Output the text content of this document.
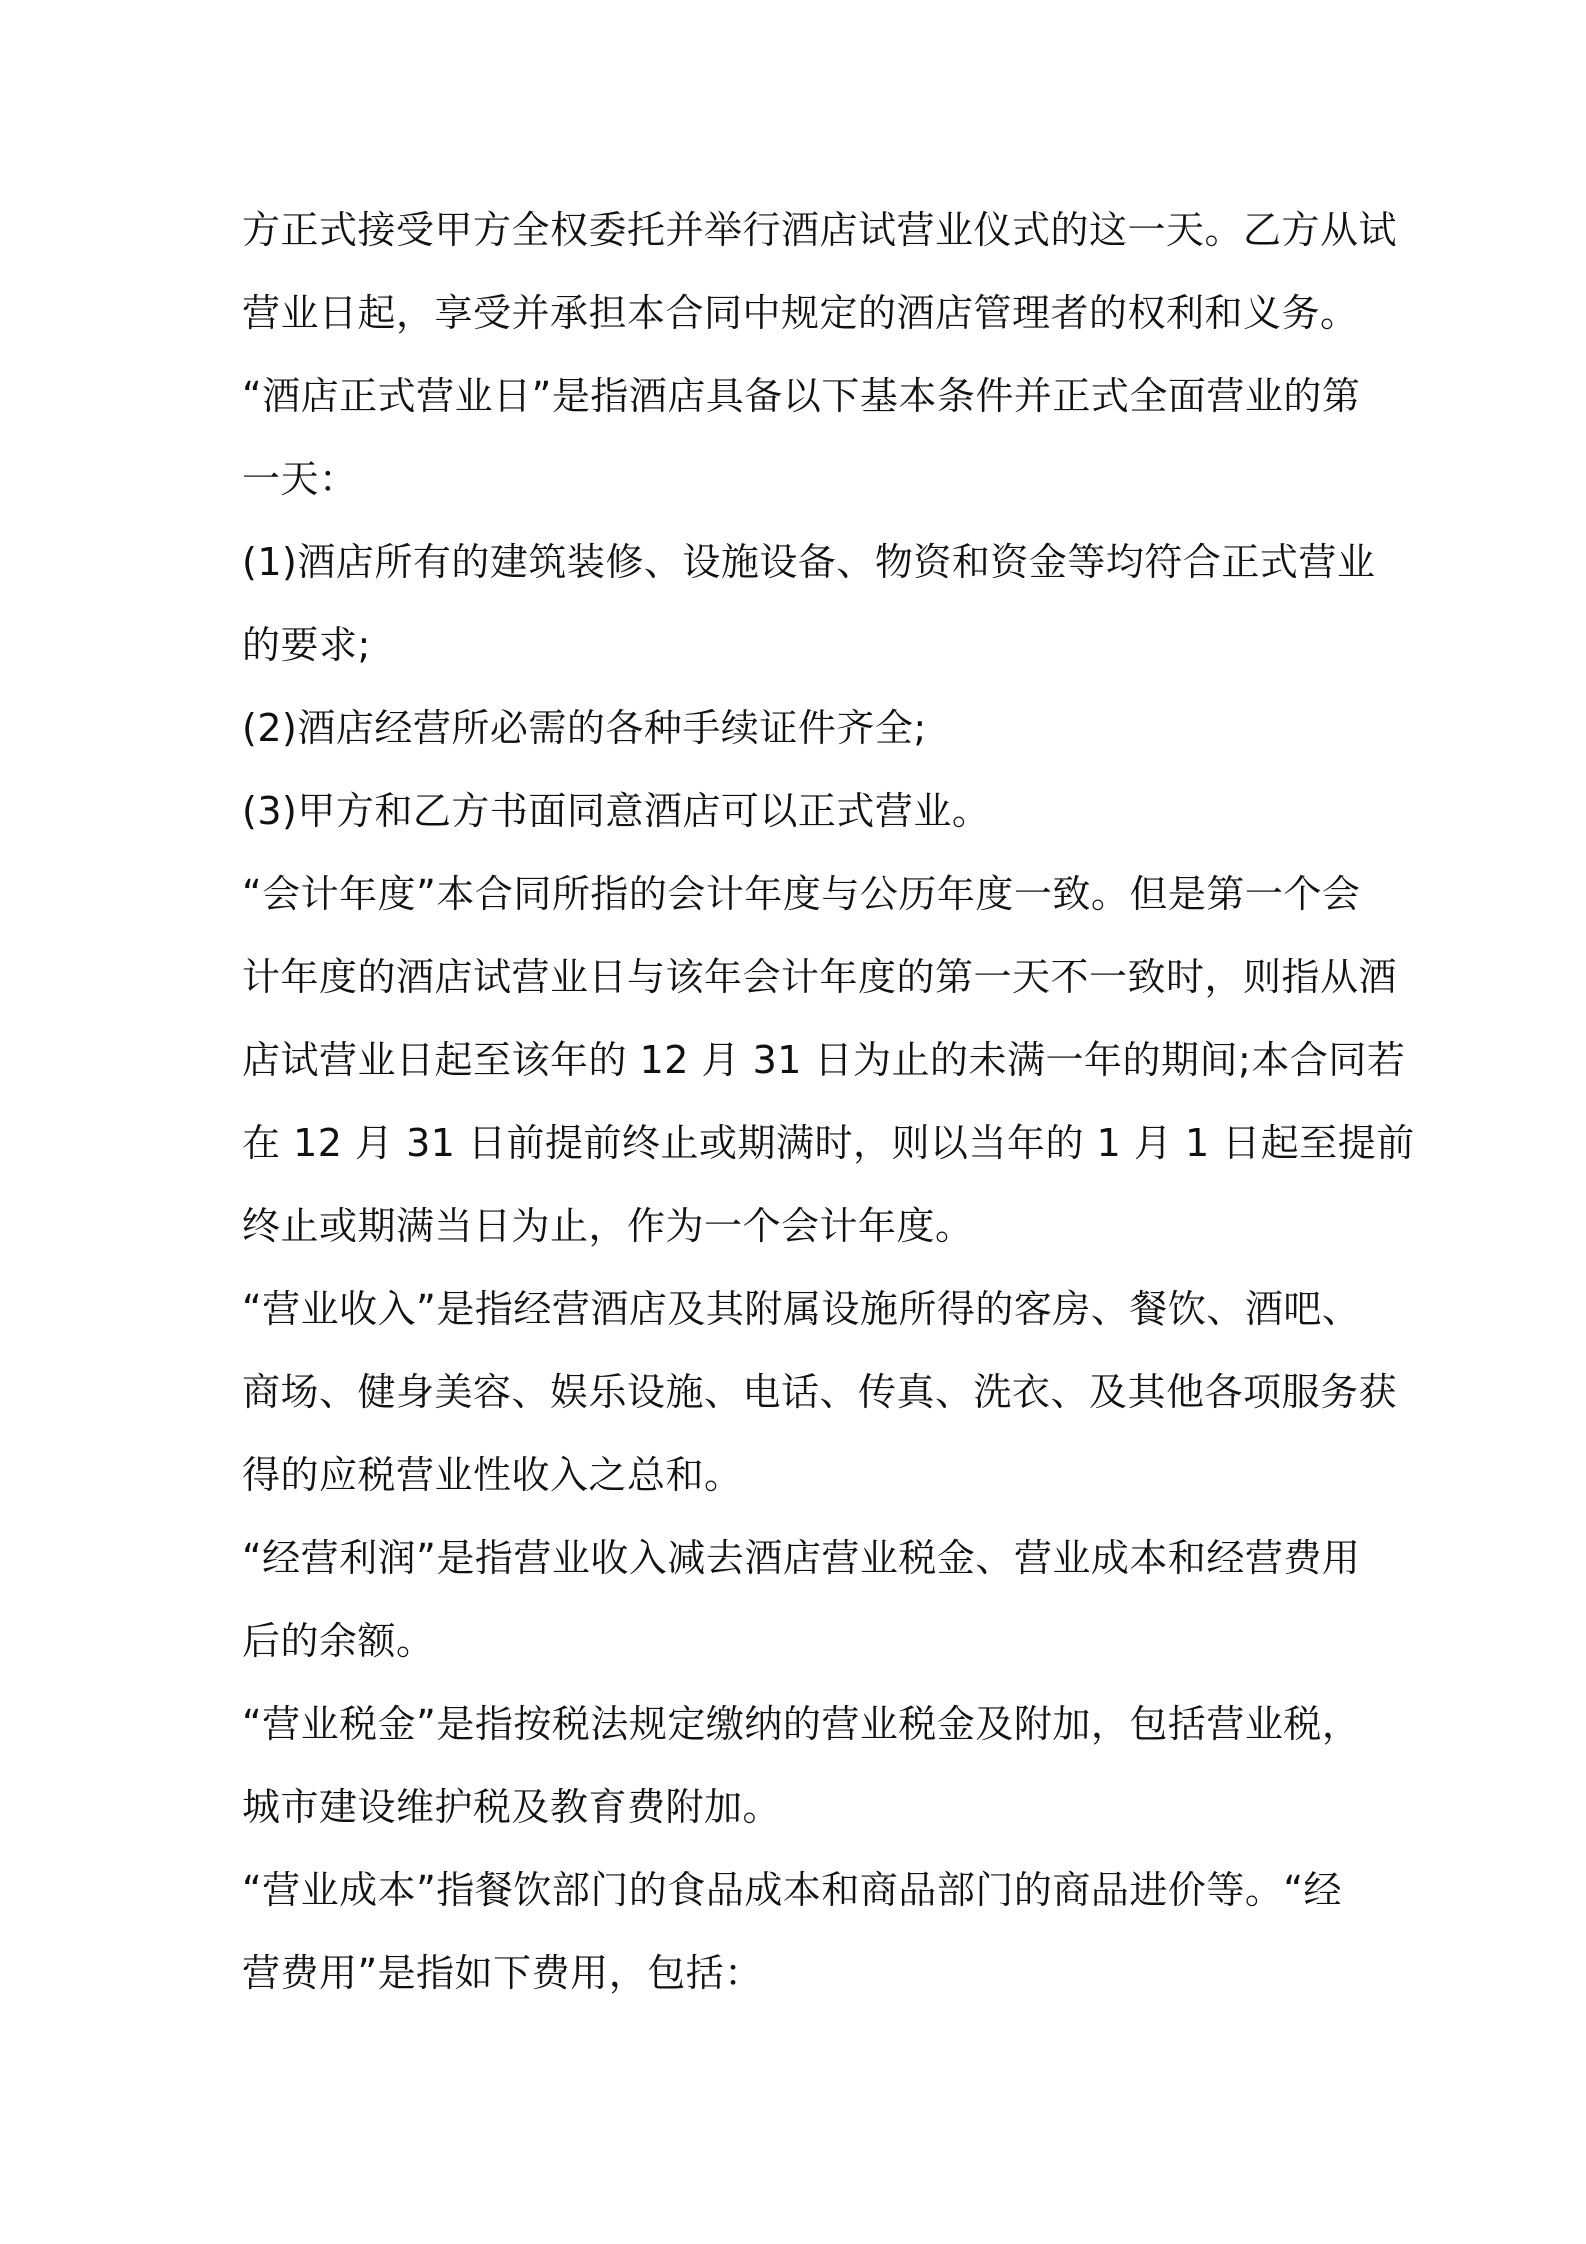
方正式接受甲方全权委托并举行酒店试营业仪式的这一天。乙方从试
营业日起，享受并承担本合同中规定的酒店管理者的权利和义务。
“酒店正式营业日”是指酒店具备以下基本条件并正式全面营业的第
一天：
(1)酒店所有的建筑装修、设施设备、物资和资金等均符合正式营业
的要求;
(2)酒店经营所必需的各种手续证件齐全;
(3)甲方和乙方书面同意酒店可以正式营业。
“会计年度”本合同所指的会计年度与公历年度一致。但是第一个会
计年度的酒店试营业日与该年会计年度的第一天不一致时，则指从酒
店试营业日起至该年的 12 月 31 日为止的未满一年的期间;本合同若
在 12 月 31 日前提前终止或期满时，则以当年的 1 月 1 日起至提前
终止或期满当日为止，作为一个会计年度。
“营业收入”是指经营酒店及其附属设施所得的客房、餐饮、酒吧、
商场、健身美容、娱乐设施、电话、传真、洗衣、及其他各项服务获
得的应税营业性收入之总和。
“经营利润”是指营业收入减去酒店营业税金、营业成本和经营费用
后的余额。
“营业税金”是指按税法规定缴纳的营业税金及附加，包括营业税，
城市建设维护税及教育费附加。
“营业成本”指餐饮部门的食品成本和商品部门的商品进价等。“经
营费用”是指如下费用，包括：
